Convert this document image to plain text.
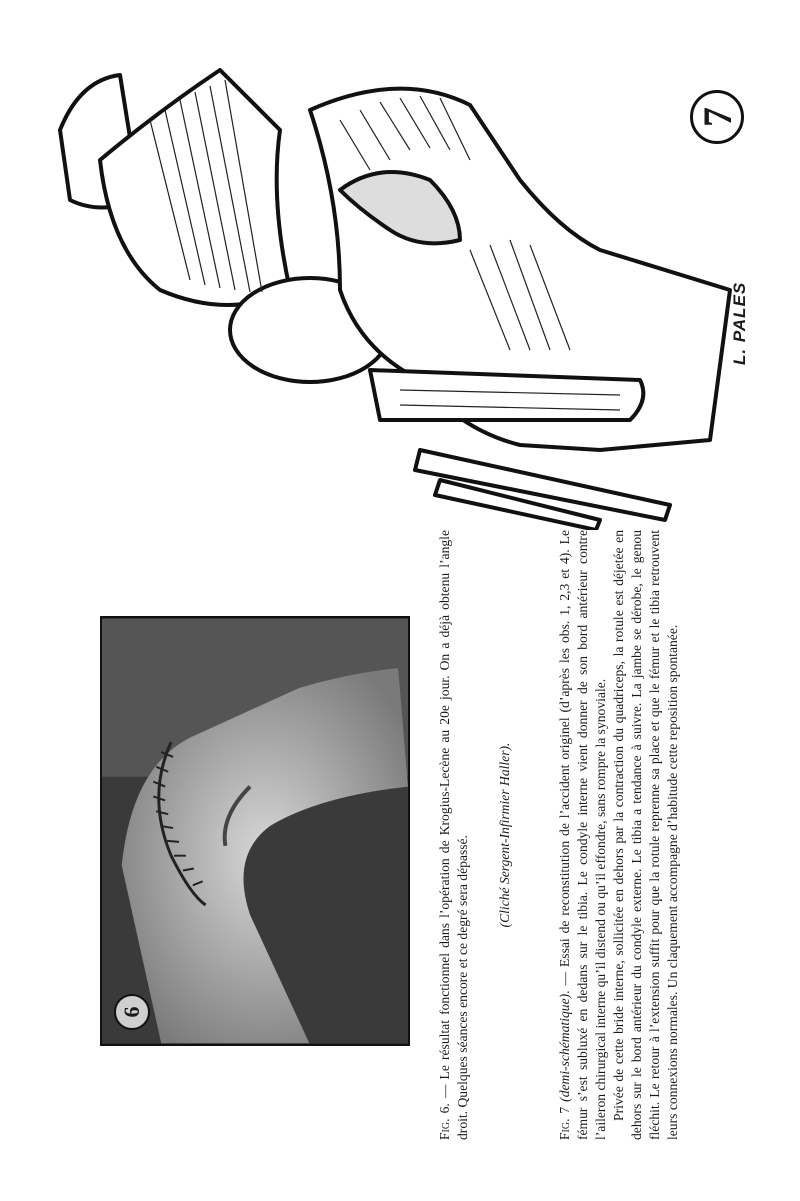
7
L. PALES
6

Fig. 6. — Le résultat fonctionnel dans l’opération de Krogius-Lecène au 20e jour. On a déjà obtenu l’angle droit. Quelques séances encore et ce degré sera dépassé.

(Cliché Sergent-Infirmier Haller).

Fig. 7 (demi-schématique). — Essai de reconstitution de l’accident originel (d’après les obs. 1, 2,3 et 4). Le fémur s’est subluxé en dedans sur le tibia. Le condyle interne vient donner de son bord antérieur contre l’aileron chirurgical interne qu’il distend ou qu’il effondre, sans rompre la synoviale. Privée de cette bride interne, sollicitée en dehors par la contraction du quadriceps, la rotule est déjetée en dehors sur le bord antérieur du condyle externe. Le tibia a tendance à suivre. La jambe se dérobe, le genou fléchit. Le retour à l’extension suffit pour que la rotule reprenne sa place et que le fémur et le tibia retrouvent leurs connexions normales. Un claquement accompagne d’habitude cette reposition spontanée.
